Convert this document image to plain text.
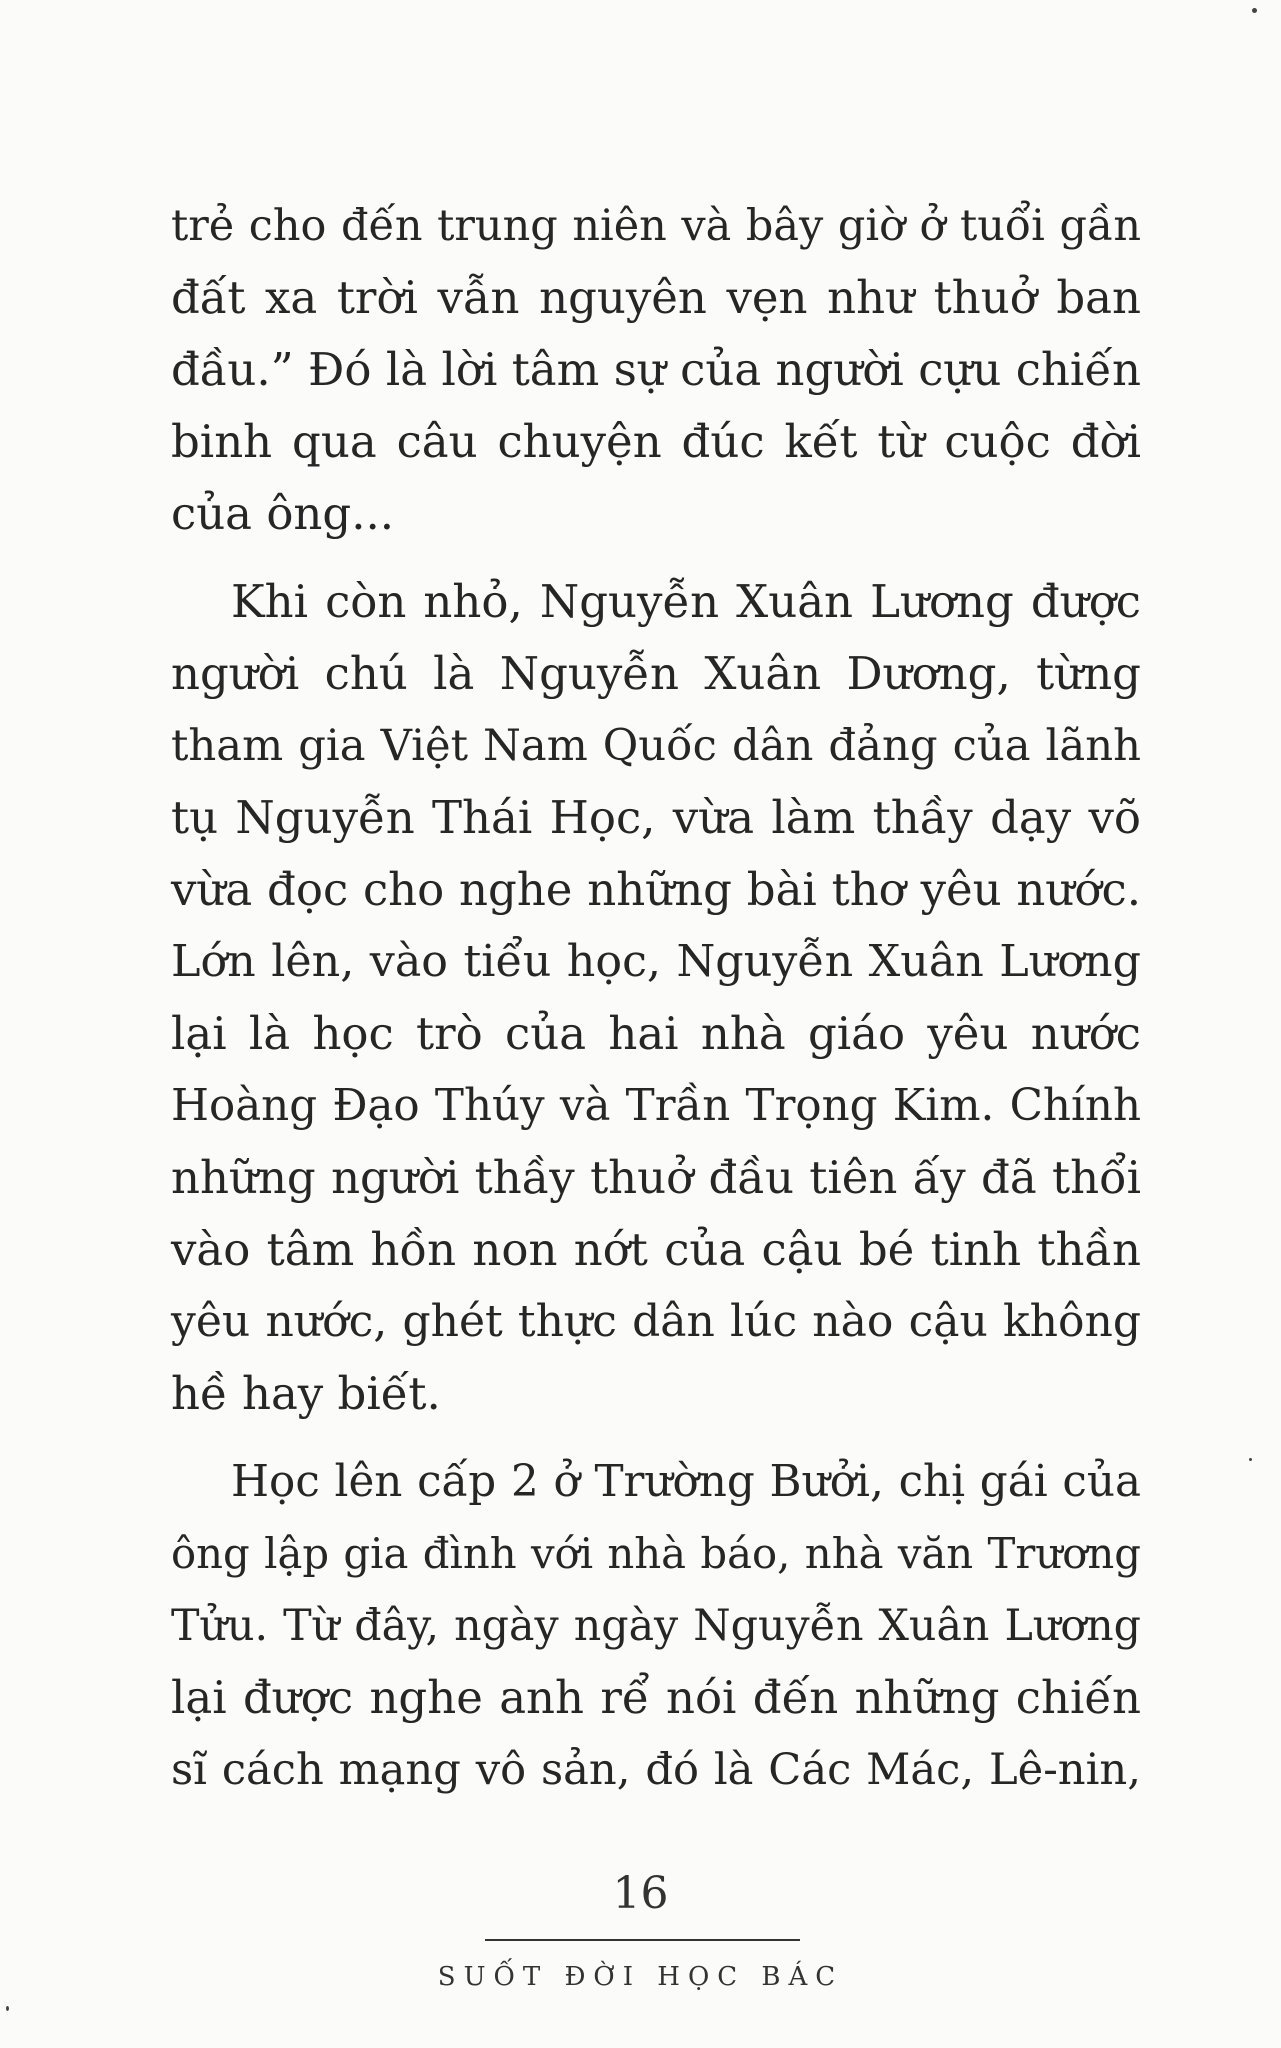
trẻ cho đến trung niên và bây giờ ở tuổi gần
đất xa trời vẫn nguyên vẹn như thuở ban
đầu.” Đó là lời tâm sự của người cựu chiến
binh qua câu chuyện đúc kết từ cuộc đời
của ông...
Khi còn nhỏ, Nguyễn Xuân Lương được
người chú là Nguyễn Xuân Dương, từng
tham gia Việt Nam Quốc dân đảng của lãnh
tụ Nguyễn Thái Học, vừa làm thầy dạy võ
vừa đọc cho nghe những bài thơ yêu nước.
Lớn lên, vào tiểu học, Nguyễn Xuân Lương
lại là học trò của hai nhà giáo yêu nước
Hoàng Đạo Thúy và Trần Trọng Kim. Chính
những người thầy thuở đầu tiên ấy đã thổi
vào tâm hồn non nớt của cậu bé tinh thần
yêu nước, ghét thực dân lúc nào cậu không
hề hay biết.
Học lên cấp 2 ở Trường Bưởi, chị gái của
ông lập gia đình với nhà báo, nhà văn Trương
Tửu. Từ đây, ngày ngày Nguyễn Xuân Lương
lại được nghe anh rể nói đến những chiến
sĩ cách mạng vô sản, đó là Các Mác, Lê-nin,
16
SUỐT ĐỜI HỌC BÁC
